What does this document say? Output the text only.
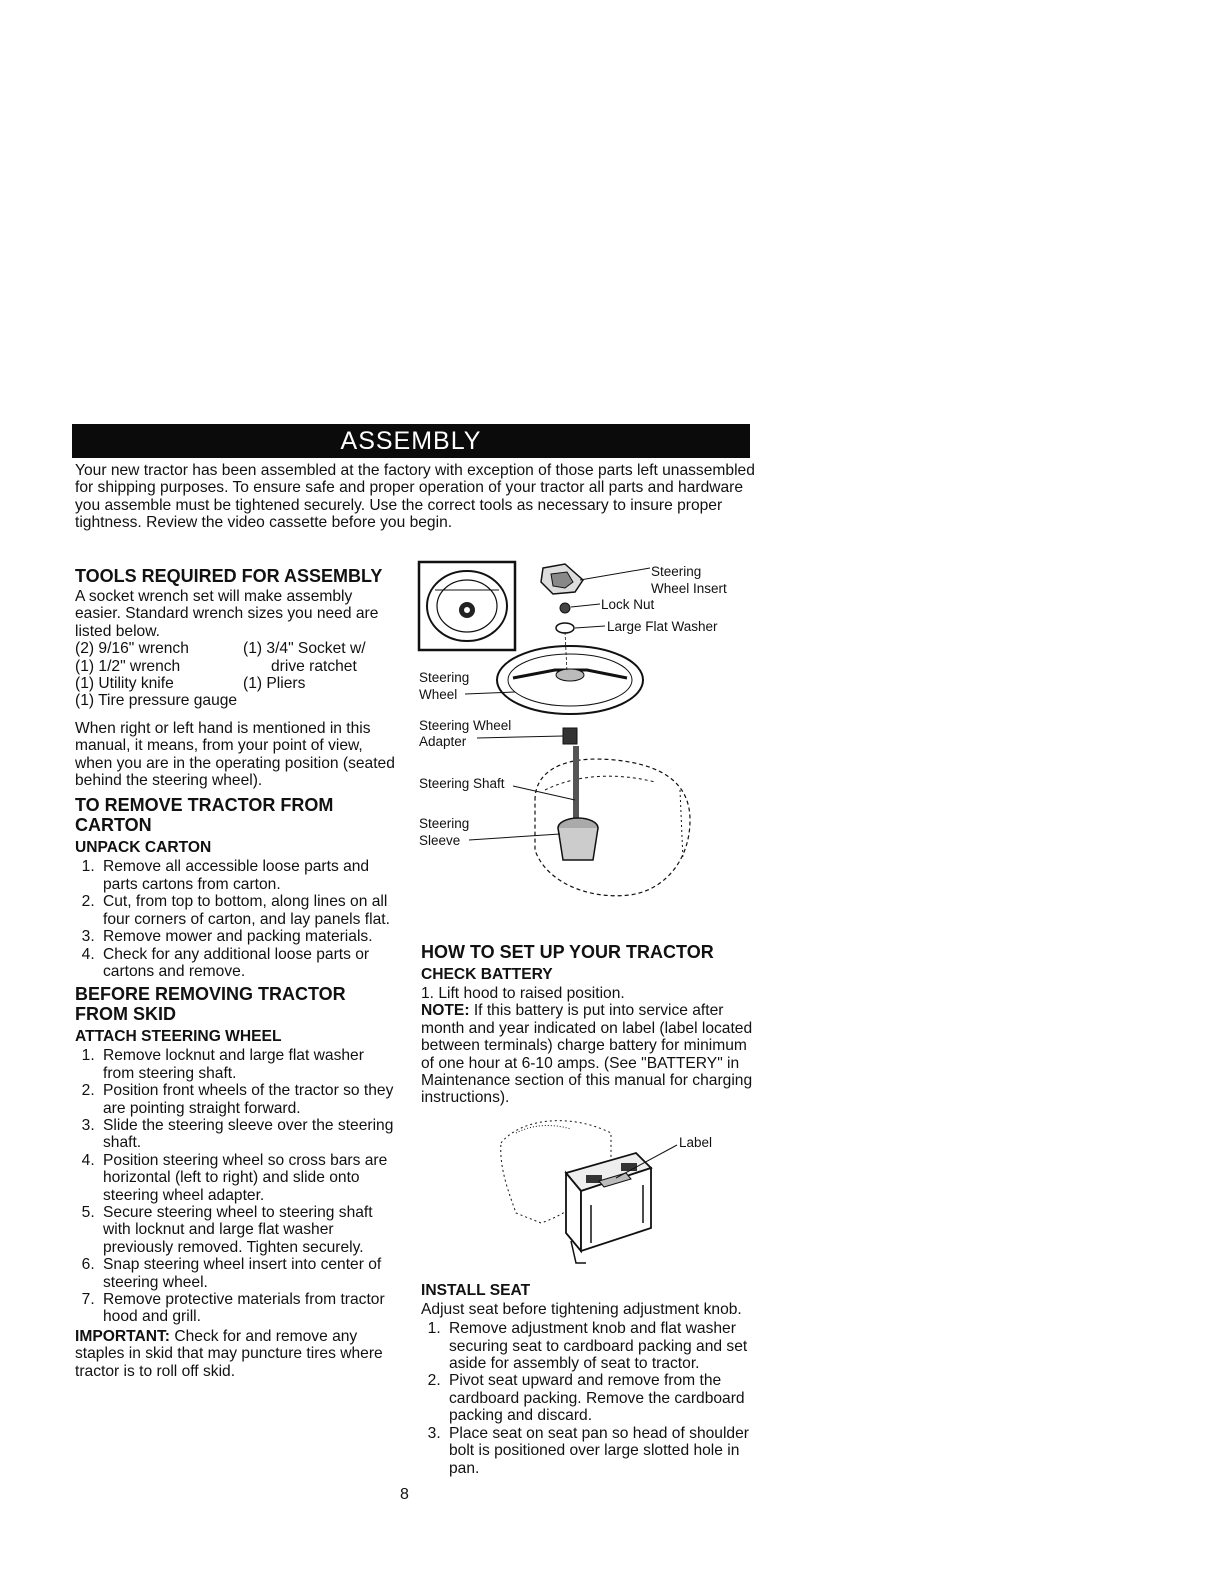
ASSEMBLY

Your new tractor has been assembled at the factory with exception of those parts left unassembled for shipping purposes. To ensure safe and proper operation of your tractor all parts and hardware you assemble must be tightened securely. Use the correct tools as necessary to insure proper tightness. Review the video cassette before you begin.

TOOLS REQUIRED FOR ASSEMBLY

A socket wrench set will make assembly easier. Standard wrench sizes you need are listed below.

(2) 9/16" wrench	(1) 3/4" Socket w/
(1) 1/2" wrench	drive ratchet
(1) Utility knife	(1) Pliers
(1) Tire pressure gauge

When right or left hand is mentioned in this manual, it means, from your point of view, when you are in the operating position (seated behind the steering wheel).

TO REMOVE TRACTOR FROM CARTON
UNPACK CARTON
1. Remove all accessible loose parts and parts cartons from carton.
2. Cut, from top to bottom, along lines on all four corners of carton, and lay panels flat.
3. Remove mower and packing materials.
4. Check for any additional loose parts or cartons and remove.
BEFORE REMOVING TRACTOR FROM SKID
ATTACH STEERING WHEEL
1. Remove locknut and large flat washer from steering shaft.
2. Position front wheels of the tractor so they are pointing straight forward.
3. Slide the steering sleeve over the steering shaft.
4. Position steering wheel so cross bars are horizontal (left to right) and slide onto steering wheel adapter.
5. Secure steering wheel to steering shaft with locknut and large flat washer previously removed. Tighten securely.
6. Snap steering wheel insert into center of steering wheel.
7. Remove protective materials from tractor hood and grill.

IMPORTANT: Check for and remove any staples in skid that may puncture tires where tractor is to roll off skid.

Steering
Wheel Insert
Lock Nut
Large Flat Washer
Steering
Wheel
Steering Wheel
Adapter
Steering Shaft
Steering
Sleeve
HOW TO SET UP YOUR TRACTOR
CHECK BATTERY

1. Lift hood to raised position.

NOTE: If this battery is put into service after month and year indicated on label (label located between terminals) charge battery for minimum of one hour at 6-10 amps. (See "BATTERY" in Maintenance section of this manual for charging instructions).

Label
INSTALL SEAT

Adjust seat before tightening adjustment knob.

1. Remove adjustment knob and flat washer securing seat to cardboard packing and set aside for assembly of seat to tractor.
2. Pivot seat upward and remove from the cardboard packing. Remove the cardboard packing and discard.
3. Place seat on seat pan so head of shoulder bolt is positioned over large slotted hole in pan.
8
